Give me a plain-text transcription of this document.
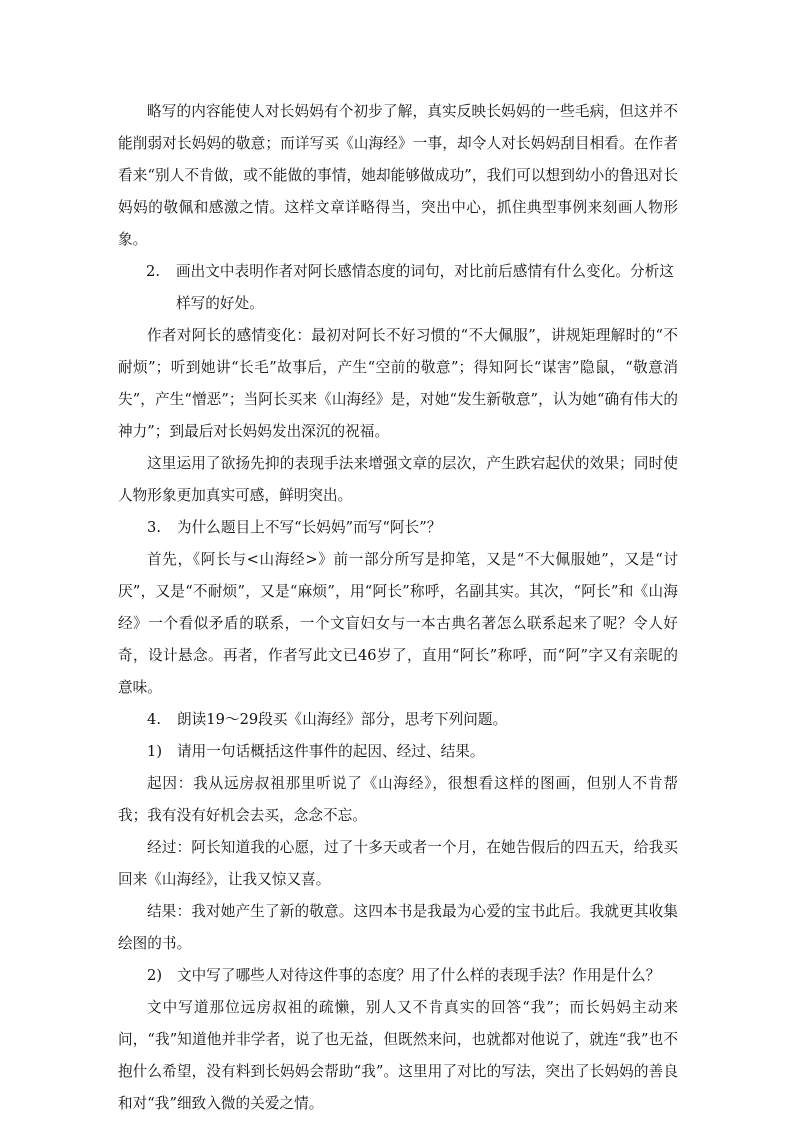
略写的内容能使人对长妈妈有个初步了解，真实反映长妈妈的一些毛病，但这并不能削弱对长妈妈的敬意；而详写买《山海经》一事，却令人对长妈妈刮目相看。在作者看来“别人不肯做，或不能做的事情，她却能够做成功”，我们可以想到幼小的鲁迅对长妈妈的敬佩和感激之情。这样文章详略得当，突出中心，抓住典型事例来刻画人物形象。

2. 画出文中表明作者对阿长感情态度的词句，对比前后感情有什么变化。分析这样写的好处。

作者对阿长的感情变化：最初对阿长不好习惯的“不大佩服”，讲规矩理解时的“不耐烦”；听到她讲“长毛”故事后，产生“空前的敬意”；得知阿长“谋害”隐鼠，“敬意消失”，产生“憎恶”；当阿长买来《山海经》是，对她“发生新敬意”，认为她“确有伟大的神力”；到最后对长妈妈发出深沉的祝福。

这里运用了欲扬先抑的表现手法来增强文章的层次，产生跌宕起伏的效果；同时使人物形象更加真实可感，鲜明突出。

3. 为什么题目上不写“长妈妈”而写“阿长”？

首先，《阿长与<山海经>》前一部分所写是抑笔，又是“不大佩服她”，又是“讨厌”，又是“不耐烦”，又是“麻烦”，用“阿长”称呼，名副其实。其次，“阿长”和《山海经》一个看似矛盾的联系，一个文盲妇女与一本古典名著怎么联系起来了呢？令人好奇，设计悬念。再者，作者写此文已46岁了，直用“阿长”称呼，而“阿”字又有亲昵的意味。

4. 朗读19～29段买《山海经》部分，思考下列问题。

1) 请用一句话概括这件事件的起因、经过、结果。

起因：我从远房叔祖那里听说了《山海经》，很想看这样的图画，但别人不肯帮我；我有没有好机会去买，念念不忘。

经过：阿长知道我的心愿，过了十多天或者一个月，在她告假后的四五天，给我买回来《山海经》，让我又惊又喜。

结果：我对她产生了新的敬意。这四本书是我最为心爱的宝书此后。我就更其收集绘图的书。

2) 文中写了哪些人对待这件事的态度？用了什么样的表现手法？作用是什么？

文中写道那位远房叔祖的疏懒，别人又不肯真实的回答“我”；而长妈妈主动来问，“我”知道他并非学者，说了也无益，但既然来问，也就都对他说了，就连“我”也不抱什么希望，没有料到长妈妈会帮助“我”。这里用了对比的写法，突出了长妈妈的善良和对“我”细致入微的关爱之情。
